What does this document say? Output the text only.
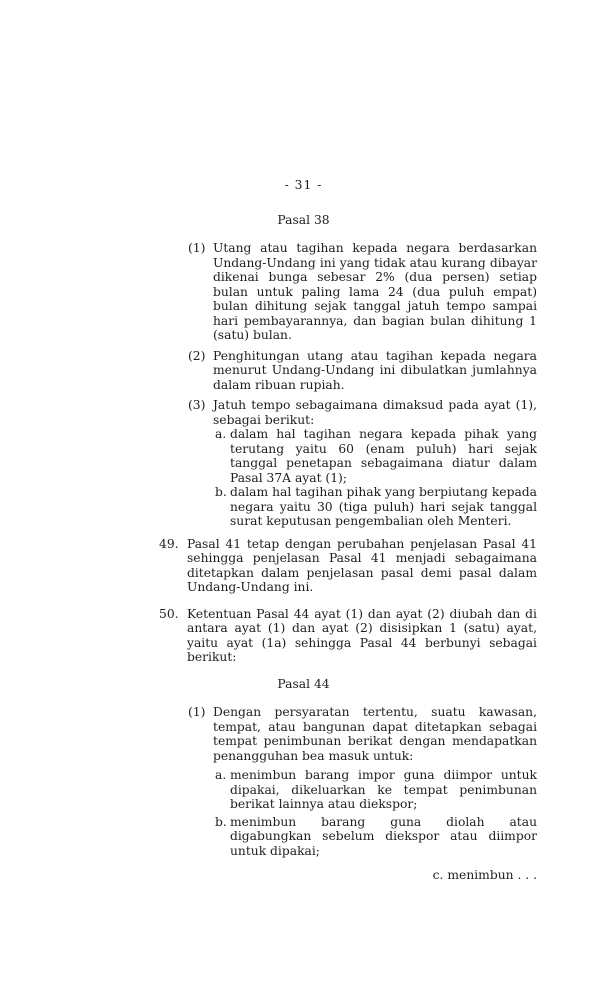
- 31 -
Pasal 38
(1) Utang atau tagihan kepada negara berdasarkan Undang-Undang ini yang tidak atau kurang dibayar dikenai bunga sebesar 2% (dua persen) setiap bulan untuk paling lama 24 (dua puluh empat) bulan dihitung sejak tanggal jatuh tempo sampai hari pembayarannya, dan bagian bulan dihitung 1 (satu) bulan.
(2) Penghitungan utang atau tagihan kepada negara menurut Undang-Undang ini dibulatkan jumlahnya dalam ribuan rupiah.
(3) Jatuh tempo sebagaimana dimaksud pada ayat (1), sebagai berikut:
a. dalam hal tagihan negara kepada pihak yang terutang yaitu 60 (enam puluh) hari sejak tanggal penetapan sebagaimana diatur dalam Pasal 37A ayat (1);
b. dalam hal tagihan pihak yang berpiutang kepada negara yaitu 30 (tiga puluh) hari sejak tanggal surat keputusan pengembalian oleh Menteri.
49. Pasal 41 tetap dengan perubahan penjelasan Pasal 41 sehingga penjelasan Pasal 41 menjadi sebagaimana ditetapkan dalam penjelasan pasal demi pasal dalam Undang-Undang ini.
50. Ketentuan Pasal 44 ayat (1) dan ayat (2) diubah dan di antara ayat (1) dan ayat (2) disisipkan 1 (satu) ayat, yaitu ayat (1a) sehingga Pasal 44 berbunyi sebagai berikut:
Pasal 44
(1) Dengan persyaratan tertentu, suatu kawasan, tempat, atau bangunan dapat ditetapkan sebagai tempat penimbunan berikat dengan mendapatkan penangguhan bea masuk untuk:
a. menimbun barang impor guna diimpor untuk dipakai, dikeluarkan ke tempat penimbunan berikat lainnya atau diekspor;
b. menimbun barang guna diolah atau digabungkan sebelum diekspor atau diimpor untuk dipakai;
c. menimbun . . .
